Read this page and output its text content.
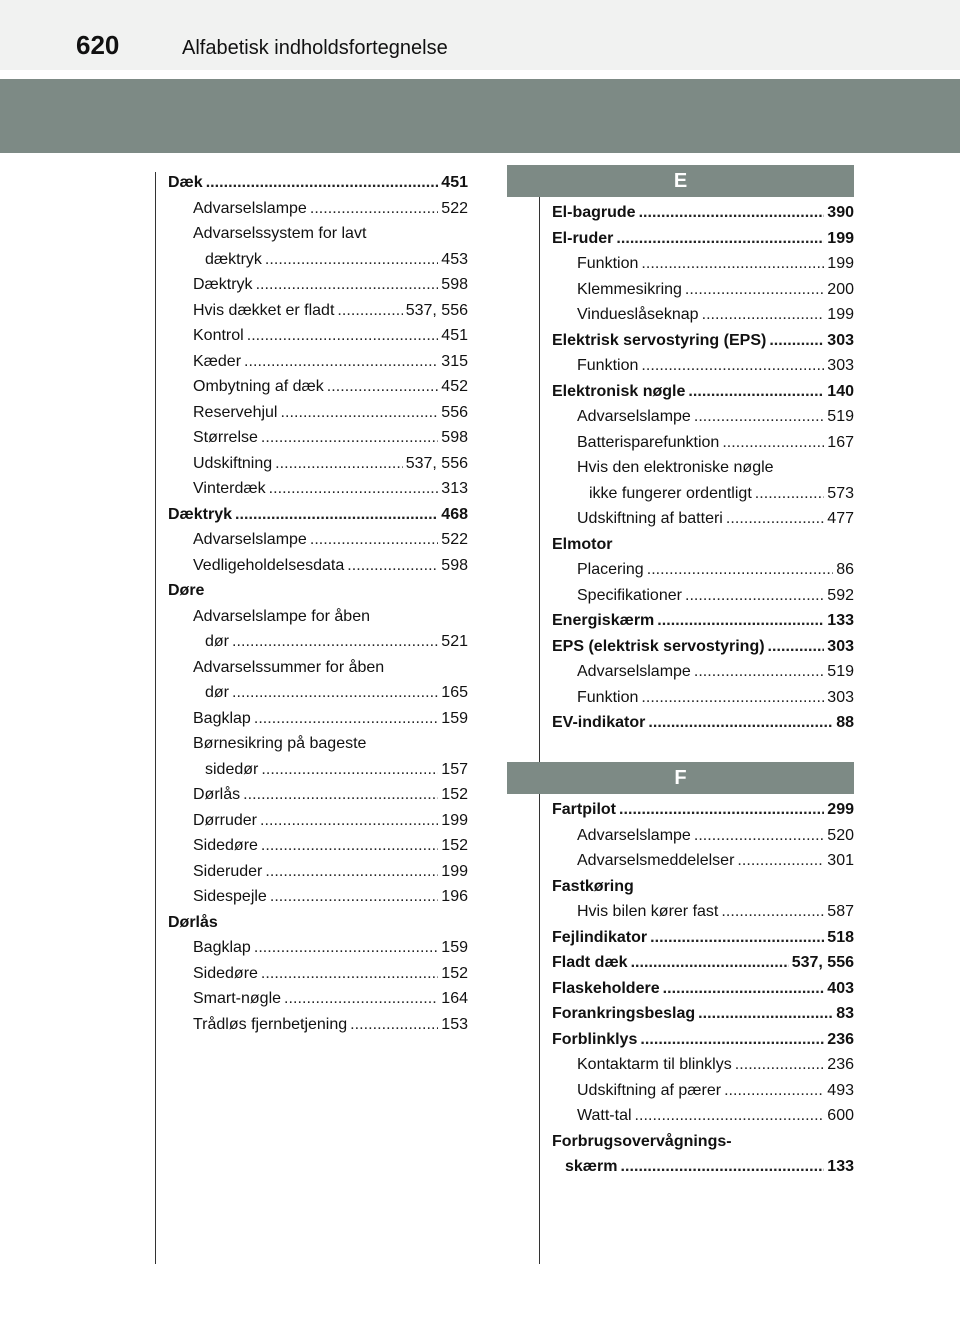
620	Alfabetisk indholdsfortegnelse
Dæk . . .	451
Advarselslampe . . .	522
Advarselssystem for lavt
dæktryk . . .	453
Dæktryk . . .	598
Hvis dækket er fladt . . .	537, 556
Kontrol . . .	451
Kæder . . .	315
Ombytning af dæk . . .	452
Reservehjul . . .	556
Størrelse . . .	598
Udskiftning . . .	537, 556
Vinterdæk . . .	313
Dæktryk . . .	468
Advarselslampe . . .	522
Vedligeholdelsesdata . . .	598
Døre
Advarselslampe for åben
dør . . .	521
Advarselssummer for åben
dør . . .	165
Bagklap . . .	159
Børnesikring på bageste
sidedør . . .	157
Dørlås . . .	152
Dørruder . . .	199
Sidedøre . . .	152
Sideruder . . .	199
Sidespejle . . .	196
Dørlås
Bagklap . . .	159
Sidedøre . . .	152
Smart-nøgle . . .	164
Trådløs fjernbetjening . . .	153
E
El-bagrude . . .	390
El-ruder . . .	199
Funktion . . .	199
Klemmesikring . . .	200
Vindueslåseknap . . .	199
Elektrisk servostyring (EPS) . . .	303
Funktion . . .	303
Elektronisk nøgle . . .	140
Advarselslampe . . .	519
Batterisparefunktion . . .	167
Hvis den elektroniske nøgle
ikke fungerer ordentligt . . .	573
Udskiftning af batteri . . .	477
Elmotor
Placering . . .	86
Specifikationer . . .	592
Energiskærm . . .	133
EPS (elektrisk servostyring) . . .	303
Advarselslampe . . .	519
Funktion . . .	303
EV-indikator . . .	88
F
Fartpilot . . .	299
Advarselslampe . . .	520
Advarselsmeddelelser . . .	301
Fastkøring
Hvis bilen kører fast . . .	587
Fejlindikator . . .	518
Fladt dæk . . .	537, 556
Flaskeholdere . . .	403
Forankringsbeslag . . .	83
Forblinklys . . .	236
Kontaktarm til blinklys . . .	236
Udskiftning af pærer . . .	493
Watt-tal . . .	600
Forbrugsovervågnings-
skærm . . .	133
